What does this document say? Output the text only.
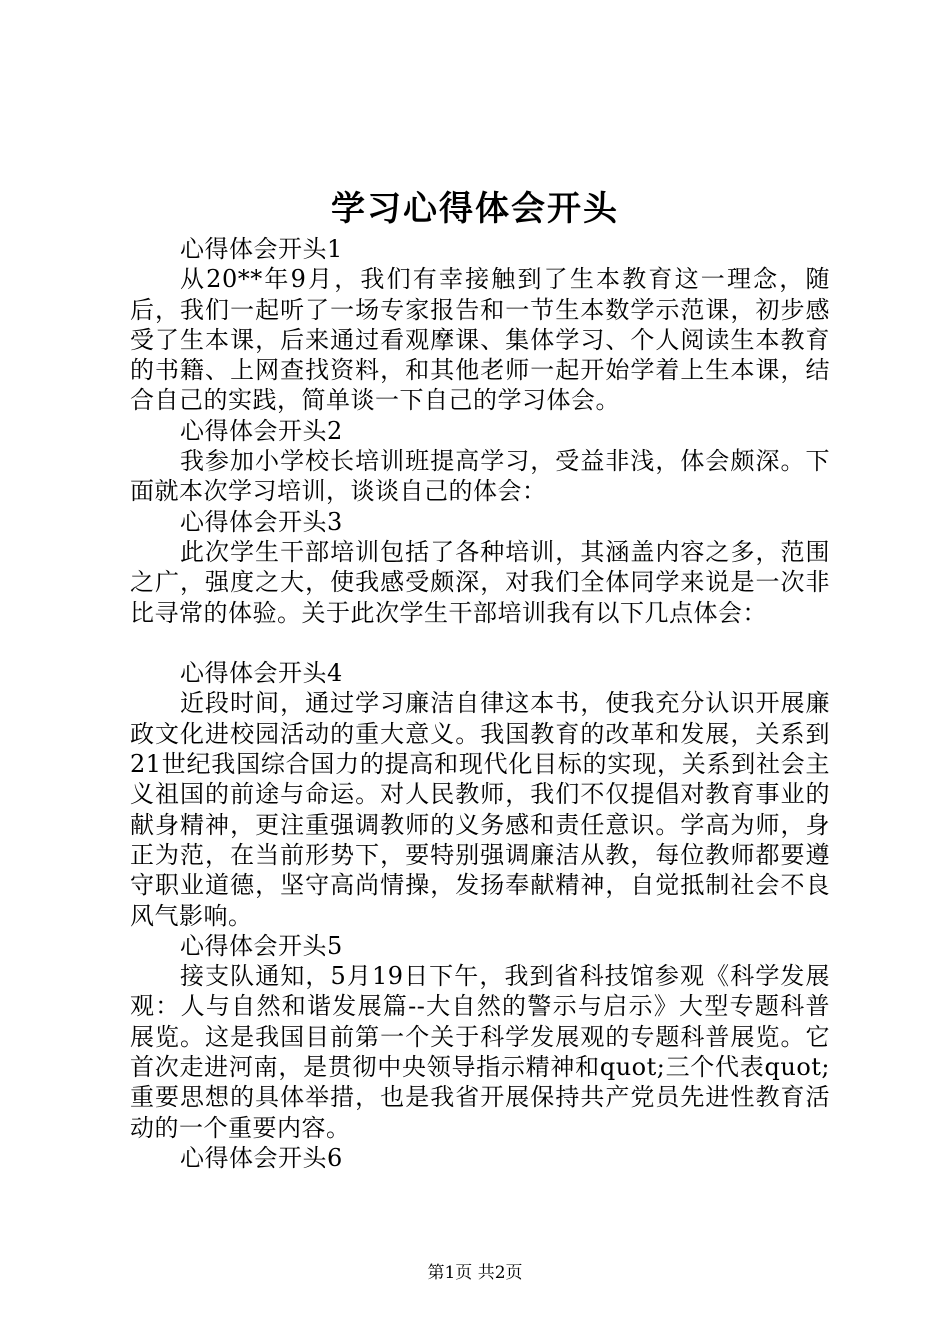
学习心得体会开头

心得体会开头1

从20**年9月，我们有幸接触到了生本教育这一理念，随后，我们一起听了一场专家报告和一节生本数学示范课，初步感受了生本课，后来通过看观摩课、集体学习、个人阅读生本教育的书籍、上网查找资料，和其他老师一起开始学着上生本课，结合自己的实践，简单谈一下自己的学习体会。

心得体会开头2

我参加小学校长培训班提高学习，受益非浅，体会颇深。下面就本次学习培训，谈谈自己的体会：

心得体会开头3

此次学生干部培训包括了各种培训，其涵盖内容之多，范围之广，强度之大，使我感受颇深，对我们全体同学来说是一次非比寻常的体验。关于此次学生干部培训我有以下几点体会：

心得体会开头4

近段时间，通过学习廉洁自律这本书，使我充分认识开展廉政文化进校园活动的重大意义。我国教育的改革和发展，关系到21世纪我国综合国力的提高和现代化目标的实现，关系到社会主义祖国的前途与命运。对人民教师，我们不仅提倡对教育事业的献身精神，更注重强调教师的义务感和责任意识。学高为师，身正为范，在当前形势下，要特别强调廉洁从教，每位教师都要遵守职业道德，坚守高尚情操，发扬奉献精神，自觉抵制社会不良风气影响。

心得体会开头5

接支队通知，5月19日下午，我到省科技馆参观《科学发展观：人与自然和谐发展篇--大自然的警示与启示》大型专题科普展览。这是我国目前第一个关于科学发展观的专题科普展览。它首次走进河南，是贯彻中央领导指示精神和quot;三个代表quot;重要思想的具体举措，也是我省开展保持共产党员先进性教育活动的一个重要内容。

心得体会开头6

第1页 共2页
